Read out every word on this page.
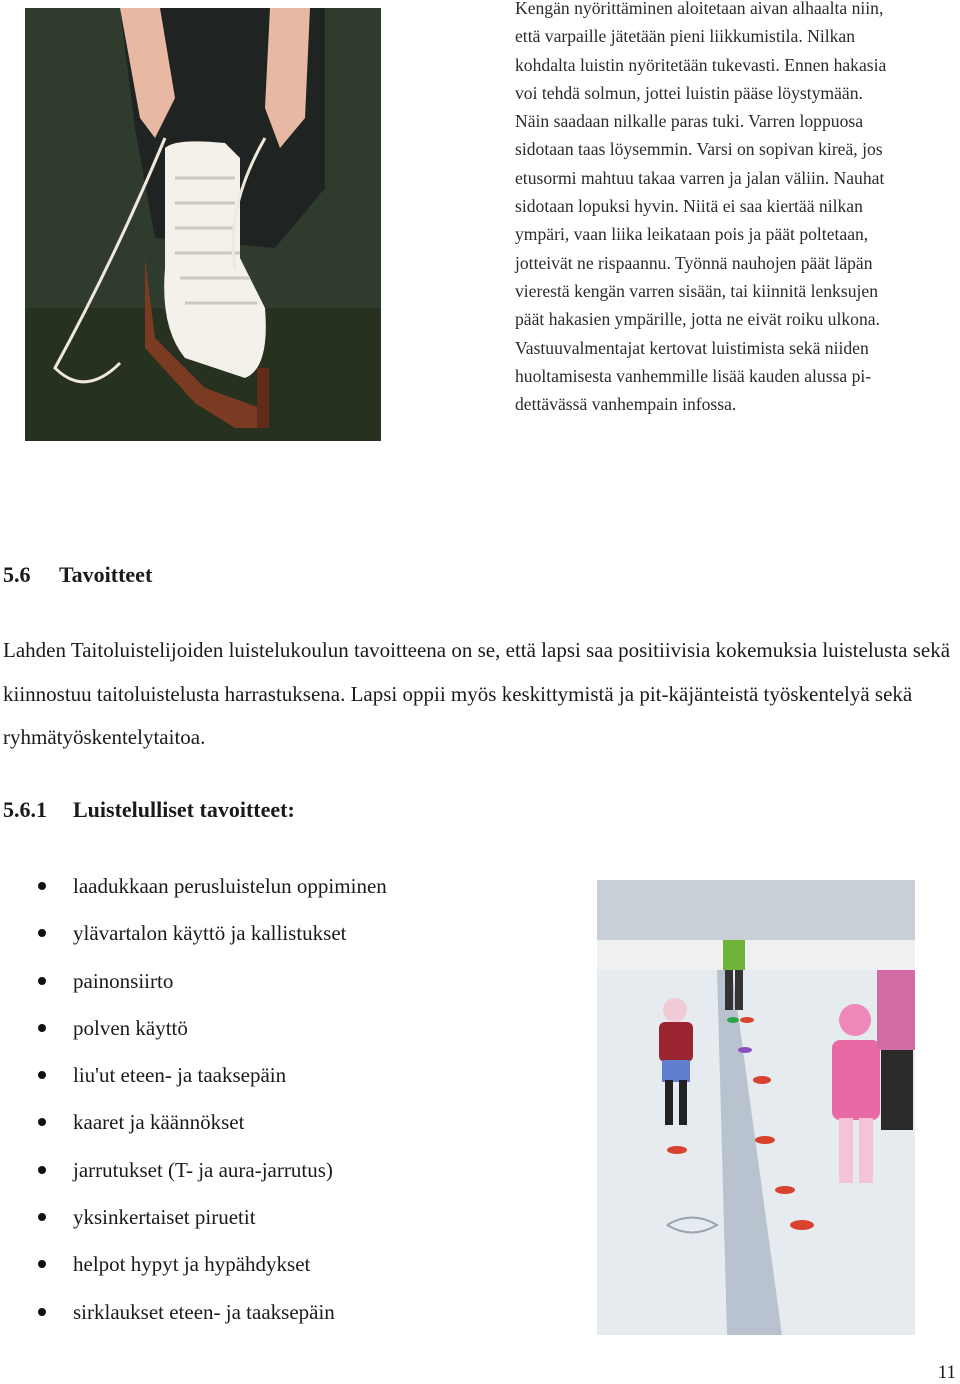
Kengän nyörittäminen aloitetaan aivan alhaalta niin,

että varpaille jätetään pieni liikkumistila. Nilkan

kohdalta luistin nyöritetään tukevasti. Ennen hakasia

voi tehdä solmun, jottei luistin pääse löystymään.

Näin saadaan nilkalle paras tuki. Varren loppuosa

sidotaan taas löysemmin. Varsi on sopivan kireä, jos

etusormi mahtuu takaa varren ja jalan väliin. Nauhat

sidotaan lopuksi hyvin. Niitä ei saa kiertää nilkan

ympäri, vaan liika leikataan pois ja päät poltetaan,

jotteivät ne rispaannu. Työnnä nauhojen päät läpän

vierestä kengän varren sisään, tai kiinnitä lenksujen

päät hakasien ympärille, jotta ne eivät roiku ulkona.

Vastuuvalmentajat kertovat luistimista sekä niiden

huoltamisesta vanhemmille lisää kauden alussa pi-

dettävässä vanhempain infossa.

5.6 Tavoitteet

Lahden Taitoluistelijoiden luistelukoulun tavoitteena on se, että lapsi saa positiivisia kokemuksia luistelusta sekä kiinnostuu taitoluistelusta harrastuksena. Lapsi oppii myös keskittymistä ja pit-käjänteistä työskentelyä sekä ryhmätyöskentelytaitoa.

5.6.1 Luistelulliset tavoitteet:
laadukkaan perusluistelun oppiminen
ylävartalon käyttö ja kallistukset
painonsiirto
polven käyttö
liu'ut eteen- ja taaksepäin
kaaret ja käännökset
jarrutukset (T- ja aura-jarrutus)
yksinkertaiset piruetit
helpot hypyt ja hypähdykset
sirklaukset eteen- ja taaksepäin
11
